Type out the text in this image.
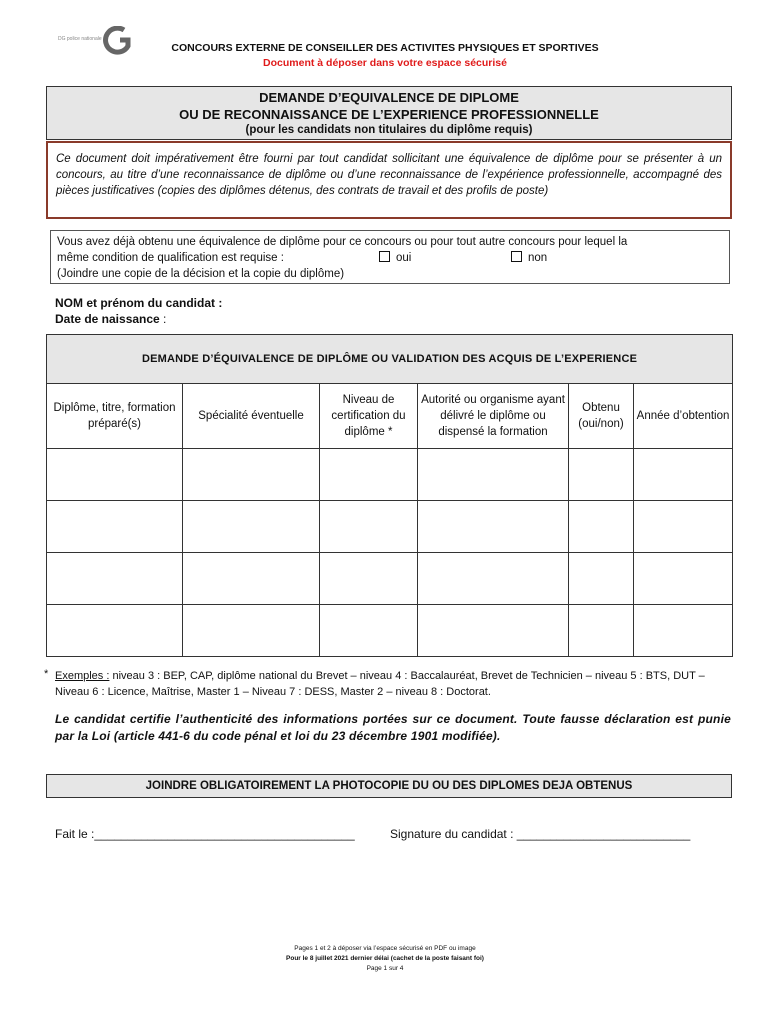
DG police nationale
CONCOURS EXTERNE DE CONSEILLER DES ACTIVITES PHYSIQUES ET SPORTIVES
Document à déposer dans votre espace sécurisé
DEMANDE D’EQUIVALENCE DE DIPLOME
OU DE RECONNAISSANCE DE L’EXPERIENCE PROFESSIONNELLE
(pour les candidats non titulaires du diplôme requis)
Ce document doit impérativement être fourni par tout candidat sollicitant une équivalence de diplôme pour se présenter à un concours, au titre d’une reconnaissance de diplôme ou d’une reconnaissance de l’expérience professionnelle, accompagné des pièces justificatives (copies des diplômes détenus, des contrats de travail et des profils de poste)
Vous avez déjà obtenu une équivalence de diplôme pour ce concours ou pour tout autre concours pour lequel la
même condition de qualification est requise :	oui	non
(Joindre une copie de la décision et la copie du diplôme)
NOM et prénom du candidat :
Date de naissance :
DEMANDE D’ÉQUIVALENCE DE DIPLÔME OU VALIDATION DES ACQUIS DE L’EXPERIENCE					
Diplôme, titre, formation préparé(s)	Spécialité éventuelle	Niveau de certification du diplôme *	Autorité ou organisme ayant délivré le diplôme ou dispensé la formation	Obtenu (oui/non)	Année d’obtention

* Exemples : niveau 3 : BEP, CAP, diplôme national du Brevet – niveau 4 : Baccalauréat, Brevet de Technicien – niveau 5 : BTS, DUT – Niveau 6 : Licence, Maîtrise, Master 1 – Niveau 7 : DESS, Master 2 – niveau 8 : Doctorat.
Le candidat certifie l’authenticité des informations portées sur ce document. Toute fausse déclaration est punie par la Loi (article 441-6 du code pénal et loi du 23 décembre 1901 modifiée).
JOINDRE OBLIGATOIREMENT LA PHOTOCOPIE DU OU DES DIPLOMES DEJA OBTENUS
Fait le :_______________________________________	Signature du candidat : __________________________
Pages 1 et 2 à déposer via l’espace sécurisé en PDF ou image
Pour le 8 juillet 2021 dernier délai (cachet de la poste faisant foi)
Page 1 sur 4
